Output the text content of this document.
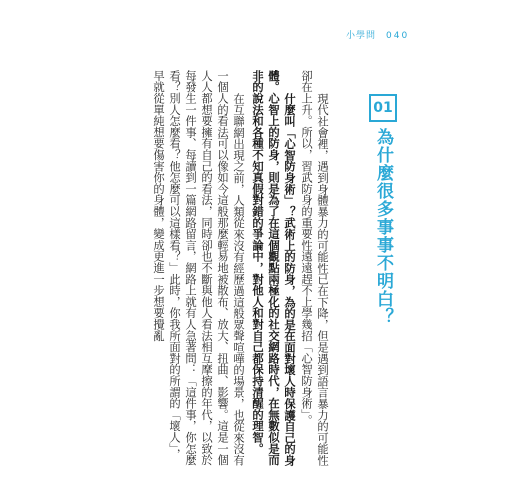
小學問 040
01
為什麼很多事事不明白？

現代社會裡，遇到身體暴力的可能性已在下降，但是遇到語言暴力的可能性卻在上升。所以，習武防身的重要性遠遠趕不上學幾招「心智防身術」。

什麼叫「心智防身術」？武術上的防身，為的是在面對壞人時保護自己的身體。心智上的防身，則是為了在這個觀點兩極化的社交網路時代，在無數似是而非的說法和各種不知真假對錯的爭論中，對他人和對自己都保持清醒的理智。

在互聯網出現之前，人類從來沒有經歷過這般眾聲喧嘩的場景，也從來沒有一個人的看法可以像如今這般那麼輕易地被散布、放大、扭曲、影響。這是一個人人都想要擁有自己的看法，同時卻也不斷與他人看法相互摩擦的年代，以致於每發生一件事、每讀到一篇網路留言，網路上就有人急著問：「這件事，你怎麼看？別人怎麼看？他怎麼可以這樣看？」此時，你我所面對的所謂的「壞人」，早就從單純想要傷害你的身體，變成更進一步想要攪亂
